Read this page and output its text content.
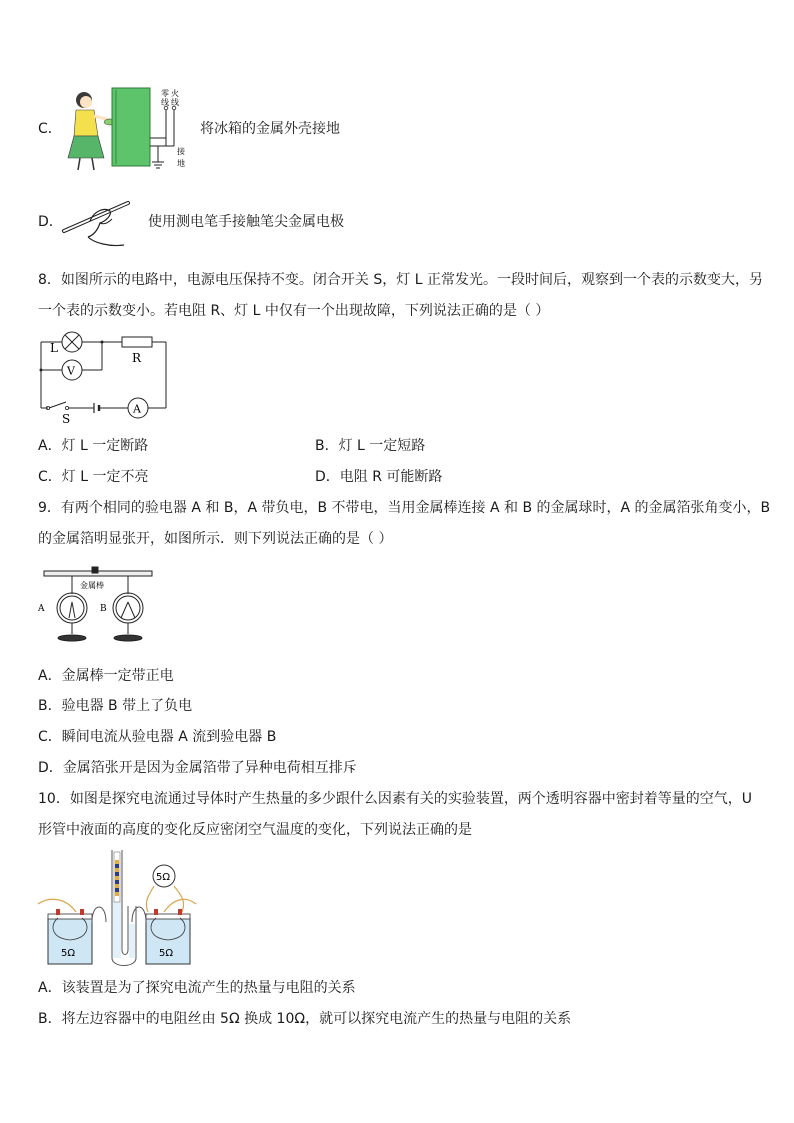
C．
零
线
火
线
接
地
将冰箱的金属外壳接地
D．	使用测电笔手接触笔尖金属电极
8．如图所示的电路中，电源电压保持不变。闭合开关 S，灯 L 正常发光。一段时间后，观察到一个表的示数变大，另
一个表的示数变小。若电阻 R、灯 L 中仅有一个出现故障，下列说法正确的是（ ）
L
R
V
A
S
A．灯 L 一定断路	B．灯 L 一定短路
C．灯 L 一定不亮	D．电阻 R 可能断路
9．有两个相同的验电器 A 和 B，A 带负电，B 不带电，当用金属棒连接 A 和 B 的金属球时，A 的金属箔张角变小，B
的金属箔明显张开，如图所示．则下列说法正确的是（ ）
金属棒
A	B
A．金属棒一定带正电
B．验电器 B 带上了负电
C．瞬间电流从验电器 A 流到验电器 B
D．金属箔张开是因为金属箔带了异种电荷相互排斥
10．如图是探究电流通过导体时产生热量的多少跟什么因素有关的实验装置，两个透明容器中密封着等量的空气，U
形管中液面的高度的变化反应密闭空气温度的变化，下列说法正确的是
5Ω
5Ω	5Ω
A．该装置是为了探究电流产生的热量与电阻的关系
B．将左边容器中的电阻丝由 5Ω 换成 10Ω，就可以探究电流产生的热量与电阻的关系
